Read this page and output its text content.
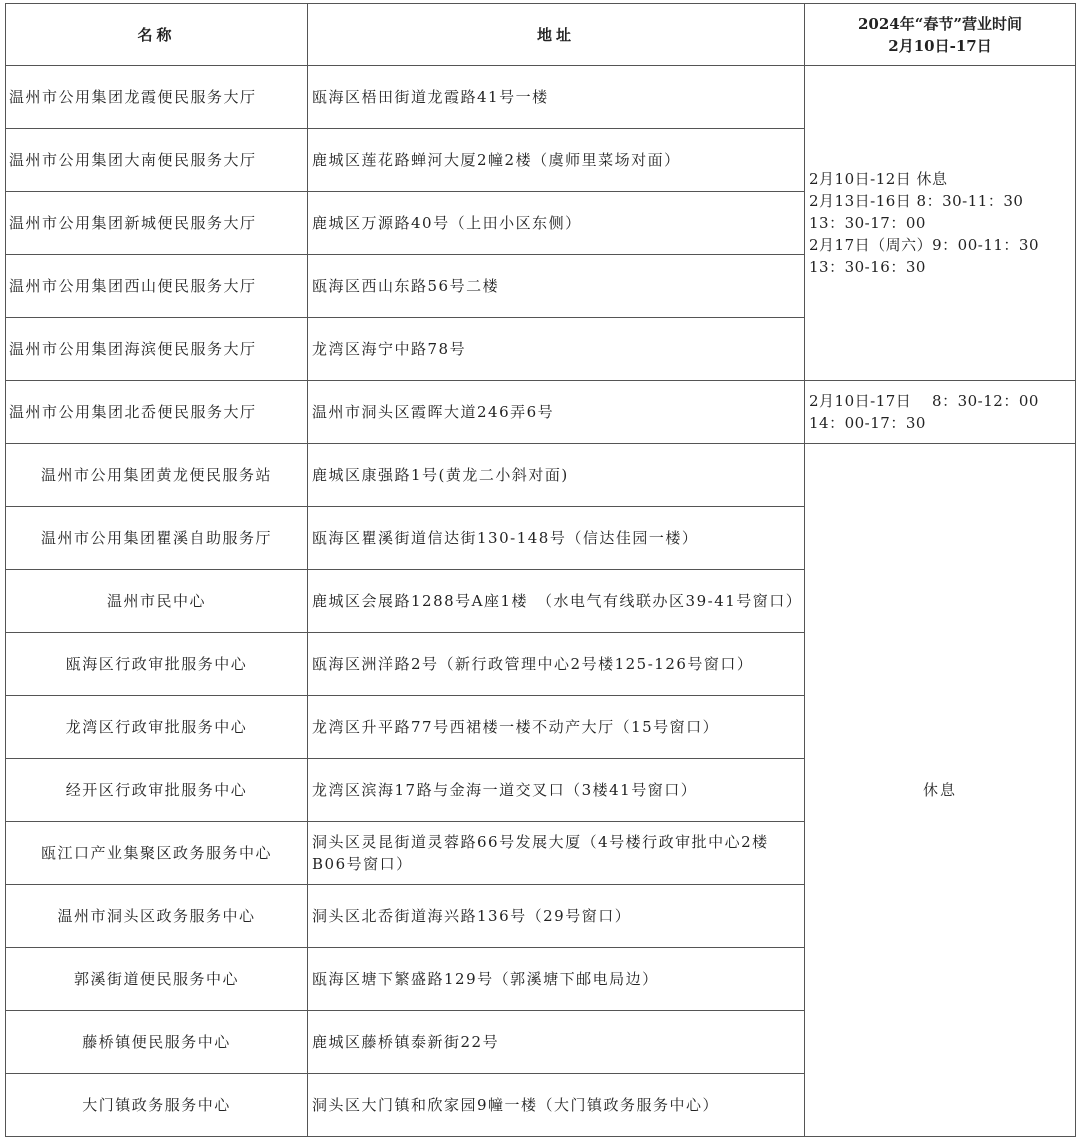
名称	地址	2024年“春节”营业时间
2月10日-17日

温州市公用集团龙霞便民服务大厅	瓯海区梧田街道龙霞路41号一楼	2月10日-12日 休息
2月13日-16日 8：30-11：30
13：30-17：00
2月17日（周六）9：00-11：30
13：30-16：30

温州市公用集团大南便民服务大厅	鹿城区莲花路蝉河大厦2幢2楼（虞师里菜场对面）	
温州市公用集团新城便民服务大厅	鹿城区万源路40号（上田小区东侧）	
温州市公用集团西山便民服务大厅	瓯海区西山东路56号二楼	
温州市公用集团海滨便民服务大厅	龙湾区海宁中路78号	
温州市公用集团北岙便民服务大厅	温州市洞头区霞晖大道246弄6号	2月10日-17日　 8：30-12：00
14：00-17：30

温州市公用集团黄龙便民服务站	鹿城区康强路1号(黄龙二小斜对面)	休息
温州市公用集团瞿溪自助服务厅	瓯海区瞿溪街道信达街130-148号（信达佳园一楼）	
温州市民中心	鹿城区会展路1288号A座1楼　（水电气有线联办区39-41号窗口）	
瓯海区行政审批服务中心	瓯海区洲洋路2号（新行政管理中心2号楼125-126号窗口）	
龙湾区行政审批服务中心	龙湾区升平路77号西裙楼一楼不动产大厅（15号窗口）	
经开区行政审批服务中心	龙湾区滨海17路与金海一道交叉口（3楼41号窗口）	
瓯江口产业集聚区政务服务中心	洞头区灵昆街道灵蓉路66号发展大厦（4号楼行政审批中心2楼B06号窗口）	
温州市洞头区政务服务中心	洞头区北岙街道海兴路136号（29号窗口）	
郭溪街道便民服务中心	瓯海区塘下繁盛路129号（郭溪塘下邮电局边）	
藤桥镇便民服务中心	鹿城区藤桥镇泰新街22号	
大门镇政务服务中心	洞头区大门镇和欣家园9幢一楼（大门镇政务服务中心）	
